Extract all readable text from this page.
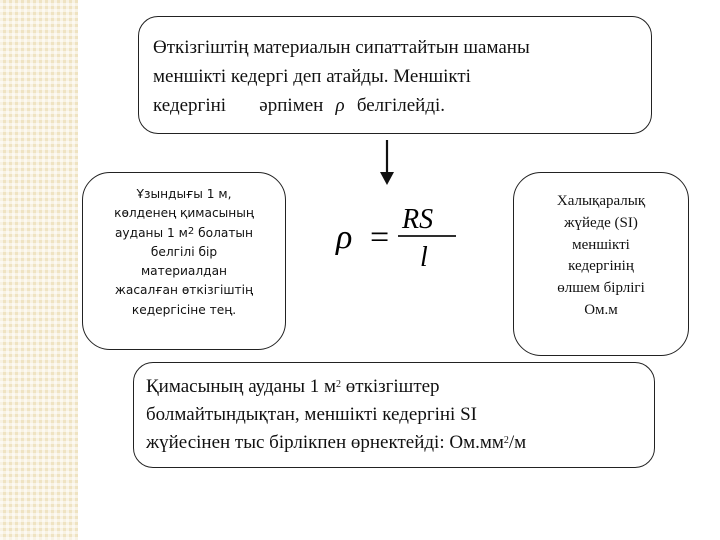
Өткізгіштің материалын сипаттайтын шаманы
меншікті кедергі деп атайды. Меншікті
кедергіні       әрпімен ρ белгілейді.
Ұзындығы 1 м,
көлденең қимасының
ауданы 1 $м^2$ болатын
белгілі бір
материалдан
жасалған өткізгіштің
кедергісіне тең.
ρ = RS
l
Халықаралық
жүйеде (SI)
меншікті
кедергінің
өлшем бірлігі
Ом.м
Қимасының ауданы 1 $м^2$ өткізгіштер
болмайтындықтан, меншікті кедергіні SI
жүйесінен тыс бірлікпен өрнектейді: $Ом.мм^2/м$
